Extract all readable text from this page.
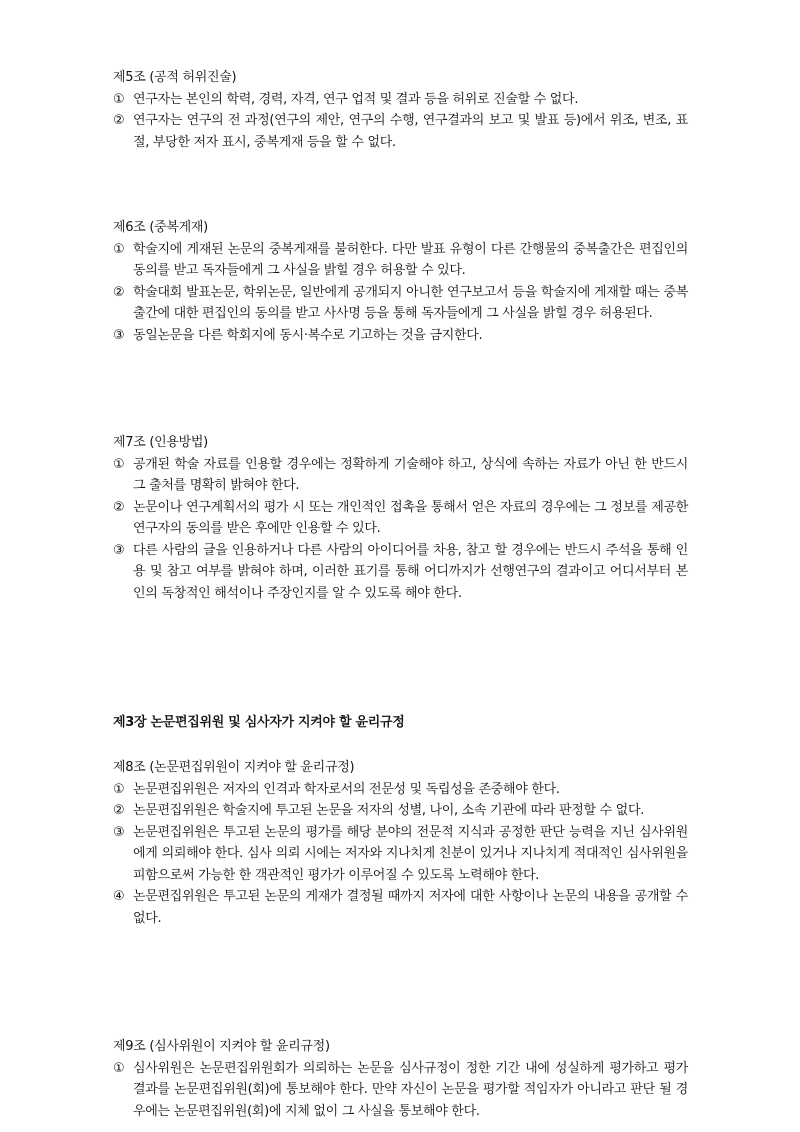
제5조 (공적 허위진술)
① 연구자는 본인의 학력, 경력, 자격, 연구 업적 및 결과 등을 허위로 진술할 수 없다.
② 연구자는 연구의 전 과정(연구의 제안, 연구의 수행, 연구결과의 보고 및 발표 등)에서 위조, 변조, 표절, 부당한 저자 표시, 중복게재 등을 할 수 없다.
제6조 (중복게재)
① 학술지에 게재된 논문의 중복게재를 불허한다. 다만 발표 유형이 다른 간행물의 중복출간은 편집인의 동의를 받고 독자들에게 그 사실을 밝힐 경우 허용할 수 있다.
② 학술대회 발표논문, 학위논문, 일반에게 공개되지 아니한 연구보고서 등을 학술지에 게재할 때는 중복출간에 대한 편집인의 동의를 받고 사사명 등을 통해 독자들에게 그 사실을 밝힐 경우 허용된다.
③ 동일논문을 다른 학회지에 동시·복수로 기고하는 것을 금지한다.
제7조 (인용방법)
① 공개된 학술 자료를 인용할 경우에는 정확하게 기술해야 하고, 상식에 속하는 자료가 아닌 한 반드시 그 출처를 명확히 밝혀야 한다.
② 논문이나 연구계획서의 평가 시 또는 개인적인 접촉을 통해서 얻은 자료의 경우에는 그 정보를 제공한 연구자의 동의를 받은 후에만 인용할 수 있다.
③ 다른 사람의 글을 인용하거나 다른 사람의 아이디어를 차용, 참고 할 경우에는 반드시 주석을 통해 인용 및 참고 여부를 밝혀야 하며, 이러한 표기를 통해 어디까지가 선행연구의 결과이고 어디서부터 본인의 독창적인 해석이나 주장인지를 알 수 있도록 해야 한다.
제3장 논문편집위원 및 심사자가 지켜야 할 윤리규정
제8조 (논문편집위원이 지켜야 할 윤리규정)
① 논문편집위원은 저자의 인격과 학자로서의 전문성 및 독립성을 존중해야 한다.
② 논문편집위원은 학술지에 투고된 논문을 저자의 성별, 나이, 소속 기관에 따라 판정할 수 없다.
③ 논문편집위원은 투고된 논문의 평가를 해당 분야의 전문적 지식과 공정한 판단 능력을 지닌 심사위원에게 의뢰해야 한다. 심사 의뢰 시에는 저자와 지나치게 친분이 있거나 지나치게 적대적인 심사위원을 피함으로써 가능한 한 객관적인 평가가 이루어질 수 있도록 노력해야 한다.
④ 논문편집위원은 투고된 논문의 게재가 결정될 때까지 저자에 대한 사항이나 논문의 내용을 공개할 수 없다.
제9조 (심사위원이 지켜야 할 윤리규정)
① 심사위원은 논문편집위원회가 의뢰하는 논문을 심사규정이 정한 기간 내에 성실하게 평가하고 평가 결과를 논문편집위원(회)에 통보해야 한다. 만약 자신이 논문을 평가할 적임자가 아니라고 판단 될 경우에는 논문편집위원(회)에 지체 없이 그 사실을 통보해야 한다.
